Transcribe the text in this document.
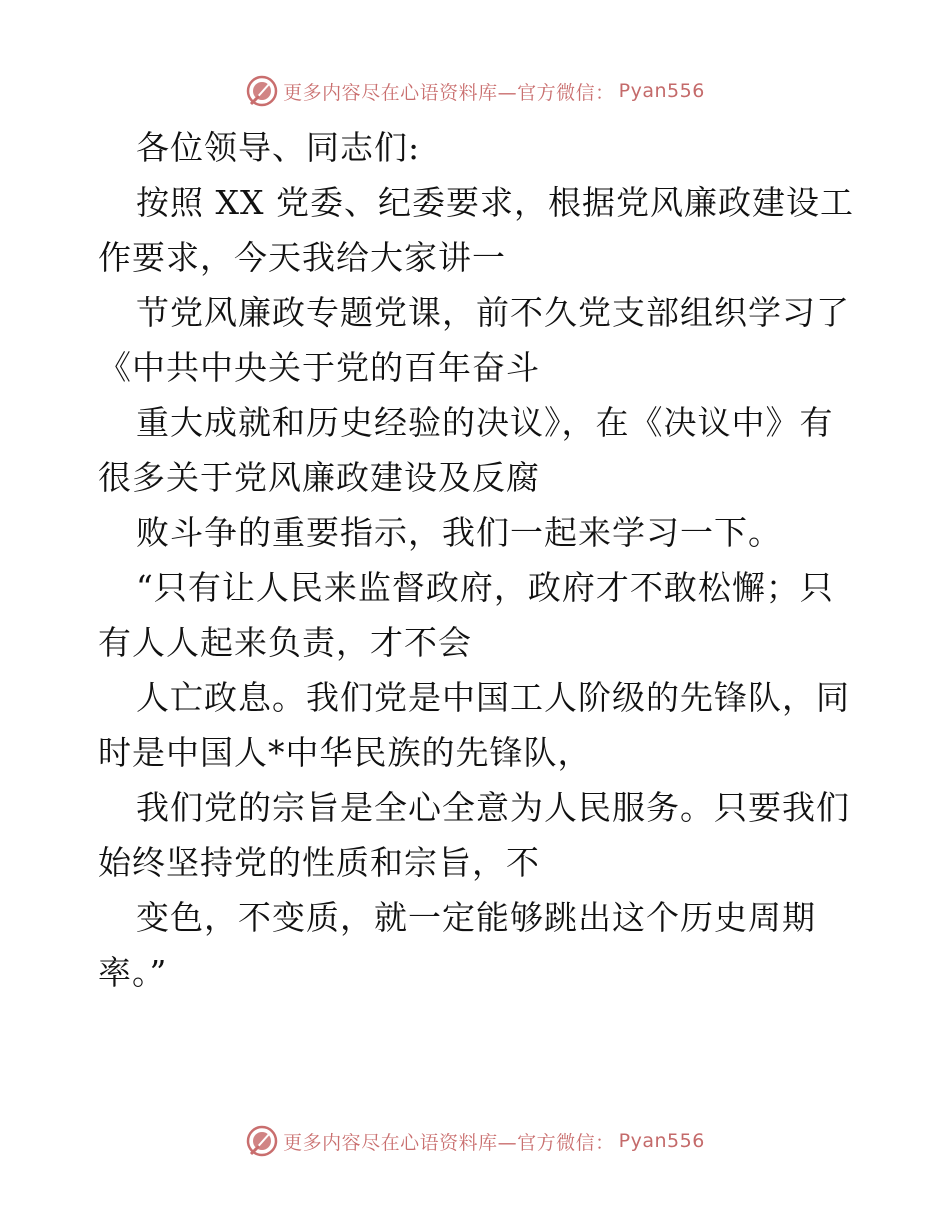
更多内容尽在心语资料库—官方微信： Pyan556
各位领导、同志们:
按照 XX 党委、纪委要求，根据党风廉政建设工
作要求，今天我给大家讲一
节党风廉政专题党课，前不久党支部组织学习了
《中共中央关于党的百年奋斗
重大成就和历史经验的决议》，在《决议中》有
很多关于党风廉政建设及反腐
败斗争的重要指示，我们一起来学习一下。
“只有让人民来监督政府，政府才不敢松懈；只
有人人起来负责，才不会
人亡政息。我们党是中国工人阶级的先锋队，同
时是中国人*中华民族的先锋队，
我们党的宗旨是全心全意为人民服务。只要我们
始终坚持党的性质和宗旨，不
变色，不变质，就一定能够跳出这个历史周期
率。”
更多内容尽在心语资料库—官方微信： Pyan556
